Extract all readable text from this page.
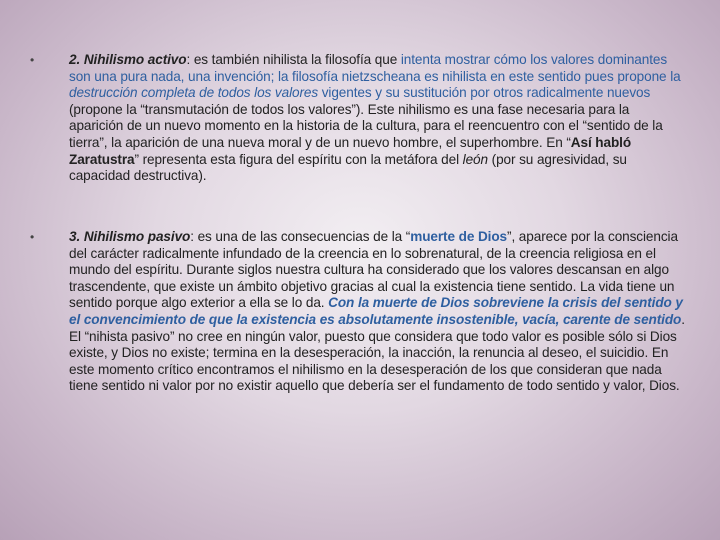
•	2. Nihilismo activo: es también nihilista la filosofía que intenta mostrar cómo los valores dominantes son una pura nada, una invención; la filosofía nietzscheana es nihilista en este sentido pues propone la destrucción completa de todos los valores vigentes y su sustitución por otros radicalmente nuevos (propone la “transmutación de todos los valores”). Este nihilismo es una fase necesaria para la aparición de un nuevo momento en la historia de la cultura, para el reencuentro con el “sentido de la tierra”, la aparición de una nueva moral y de un nuevo hombre, el superhombre. En “Así habló Zaratustra” representa esta figura del espíritu con la metáfora del león (por su agresividad, su capacidad destructiva).
•	3. Nihilismo pasivo: es una de las consecuencias de la “muerte de Dios”, aparece por la consciencia del carácter radicalmente infundado de la creencia en lo sobrenatural, de la creencia religiosa en el mundo del espíritu. Durante siglos nuestra cultura ha considerado que los valores descansan en algo trascendente, que existe un ámbito objetivo gracias al cual la existencia tiene sentido. La vida tiene un sentido porque algo exterior a ella se lo da. Con la muerte de Dios sobreviene la crisis del sentido y el convencimiento de que la existencia es absolutamente insostenible, vacía, carente de sentido. El “nihista pasivo” no cree en ningún valor, puesto que considera que todo valor es posible sólo si Dios existe, y Dios no existe; termina en la desesperación, la inacción, la renuncia al deseo, el suicidio. En este momento crítico encontramos el nihilismo en la desesperación de los que consideran que nada tiene sentido ni valor por no existir aquello que debería ser el fundamento de todo sentido y valor, Dios.
